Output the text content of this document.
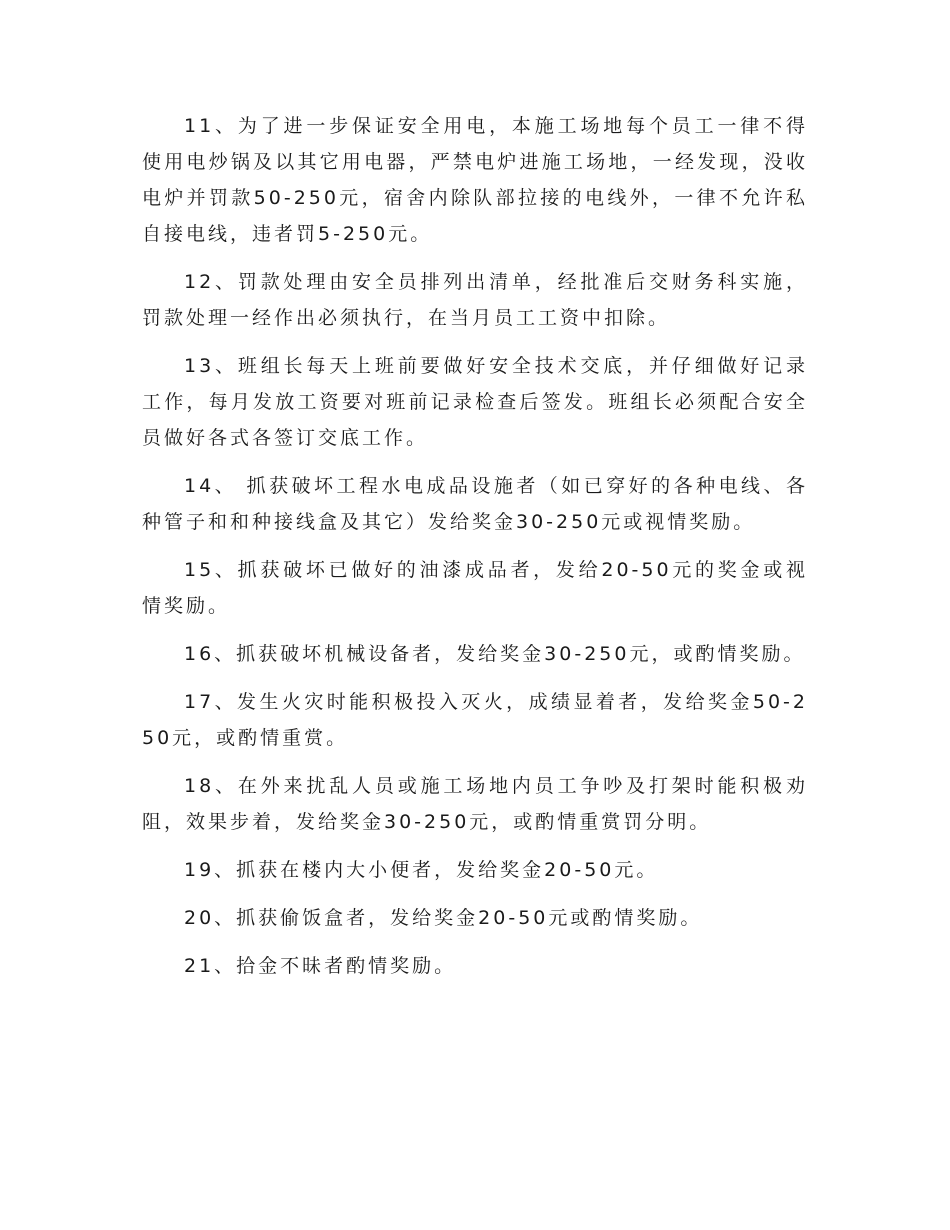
11、为了进一步保证安全用电，本施工场地每个员工一律不得使用电炒锅及以其它用电器，严禁电炉进施工场地，一经发现，没收电炉并罚款50-250元，宿舍内除队部拉接的电线外，一律不允许私自接电线，违者罚5-250元。

12、罚款处理由安全员排列出清单，经批准后交财务科实施，罚款处理一经作出必须执行，在当月员工工资中扣除。

13、班组长每天上班前要做好安全技术交底，并仔细做好记录工作，每月发放工资要对班前记录检查后签发。班组长必须配合安全员做好各式各签订交底工作。

14、 抓获破坏工程水电成品设施者（如已穿好的各种电线、各种管子和和种接线盒及其它）发给奖金30-250元或视情奖励。

15、抓获破坏已做好的油漆成品者，发给20-50元的奖金或视情奖励。

16、抓获破坏机械设备者，发给奖金30-250元，或酌情奖励。

17、发生火灾时能积极投入灭火，成绩显着者，发给奖金50-250元，或酌情重赏。

18、在外来扰乱人员或施工场地内员工争吵及打架时能积极劝阻，效果步着，发给奖金30-250元，或酌情重赏罚分明。

19、抓获在楼内大小便者，发给奖金20-50元。

20、抓获偷饭盒者，发给奖金20-50元或酌情奖励。

21、拾金不昧者酌情奖励。
